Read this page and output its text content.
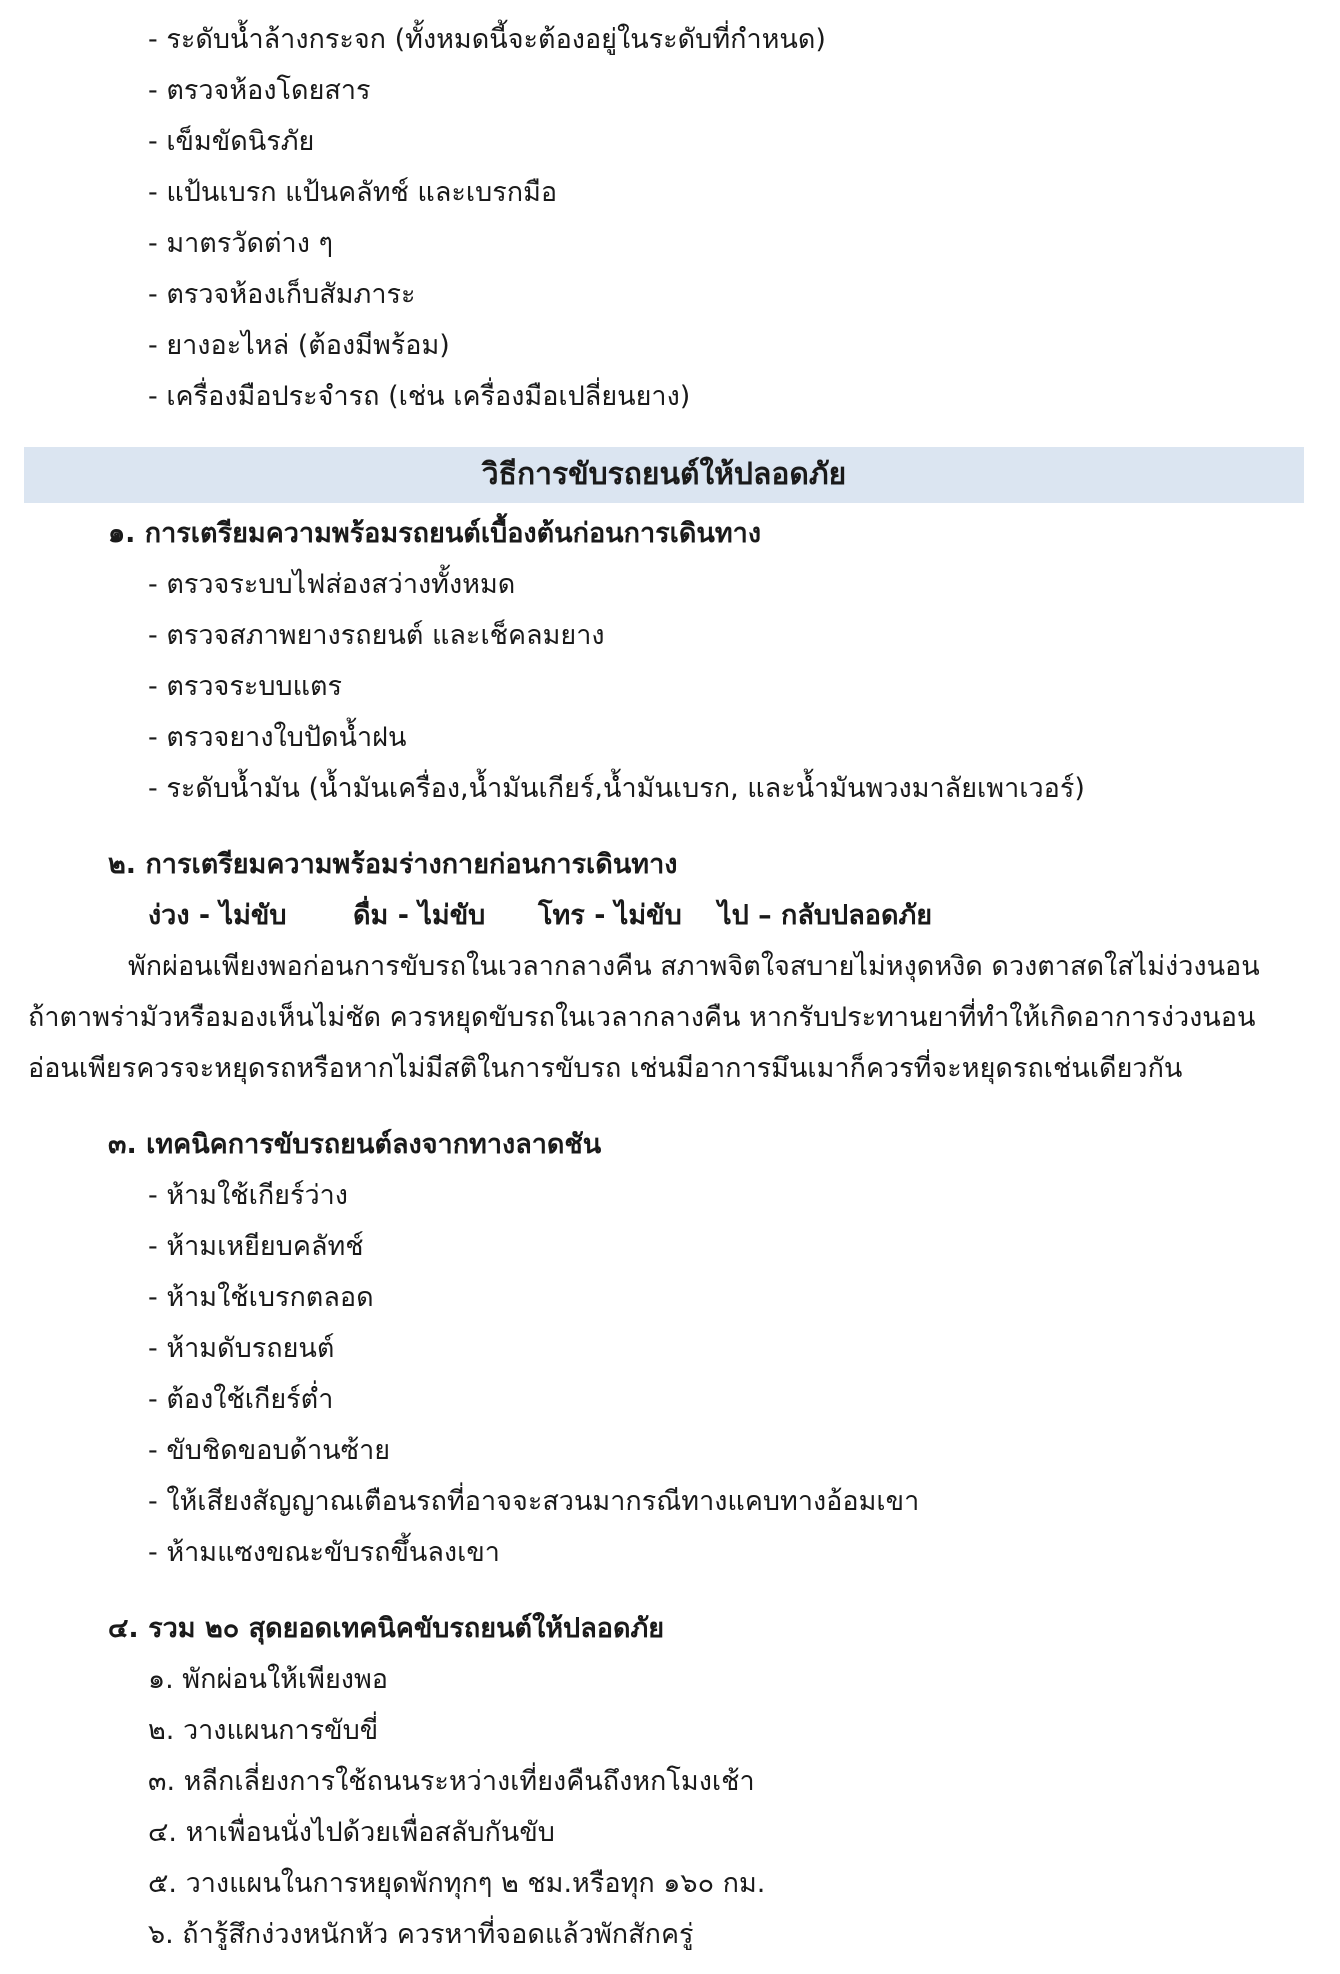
- ระดับน้ำล้างกระจก (ทั้งหมดนี้จะต้องอยู่ในระดับที่กำหนด)
- ตรวจห้องโดยสาร
- เข็มขัดนิรภัย
- แป้นเบรก แป้นคลัทช์ และเบรกมือ
- มาตรวัดต่าง ๆ
- ตรวจห้องเก็บสัมภาระ
- ยางอะไหล่ (ต้องมีพร้อม)
- เครื่องมือประจำรถ (เช่น เครื่องมือเปลี่ยนยาง)
วิธีการขับรถยนต์ให้ปลอดภัย
๑. การเตรียมความพร้อมรถยนต์เบื้องต้นก่อนการเดินทาง
- ตรวจระบบไฟส่องสว่างทั้งหมด
- ตรวจสภาพยางรถยนต์ และเช็คลมยาง
- ตรวจระบบแตร
- ตรวจยางใบปัดน้ำฝน
- ระดับน้ำมัน (น้ำมันเครื่อง,น้ำมันเกียร์,น้ำมันเบรก, และน้ำมันพวงมาลัยเพาเวอร์)
๒. การเตรียมความพร้อมร่างกายก่อนการเดินทาง
ง่วง - ไม่ขับ ดื่ม - ไม่ขับ โทร - ไม่ขับ ไป – กลับปลอดภัย
พักผ่อนเพียงพอก่อนการขับรถในเวลากลางคืน สภาพจิตใจสบายไม่หงุดหงิด ดวงตาสดใสไม่ง่วงนอน
ถ้าตาพร่ามัวหรือมองเห็นไม่ชัด ควรหยุดขับรถในเวลากลางคืน หากรับประทานยาที่ทำให้เกิดอาการง่วงนอน
อ่อนเพียรควรจะหยุดรถหรือหากไม่มีสติในการขับรถ เช่นมีอาการมึนเมาก็ควรที่จะหยุดรถเช่นเดียวกัน
๓. เทคนิคการขับรถยนต์ลงจากทางลาดชัน
- ห้ามใช้เกียร์ว่าง
- ห้ามเหยียบคลัทช์
- ห้ามใช้เบรกตลอด
- ห้ามดับรถยนต์
- ต้องใช้เกียร์ต่ำ
- ขับชิดขอบด้านซ้าย
- ให้เสียงสัญญาณเตือนรถที่อาจจะสวนมากรณีทางแคบทางอ้อมเขา
- ห้ามแซงขณะขับรถขึ้นลงเขา
๔. รวม ๒๐ สุดยอดเทคนิคขับรถยนต์ให้ปลอดภัย
๑. พักผ่อนให้เพียงพอ
๒. วางแผนการขับขี่
๓. หลีกเลี่ยงการใช้ถนนระหว่างเที่ยงคืนถึงหกโมงเช้า
๔. หาเพื่อนนั่งไปด้วยเพื่อสลับกันขับ
๕. วางแผนในการหยุดพักทุกๆ ๒ ชม.หรือทุก ๑๖๐ กม.
๖. ถ้ารู้สึกง่วงหนักหัว ควรหาที่จอดแล้วพักสักครู่
